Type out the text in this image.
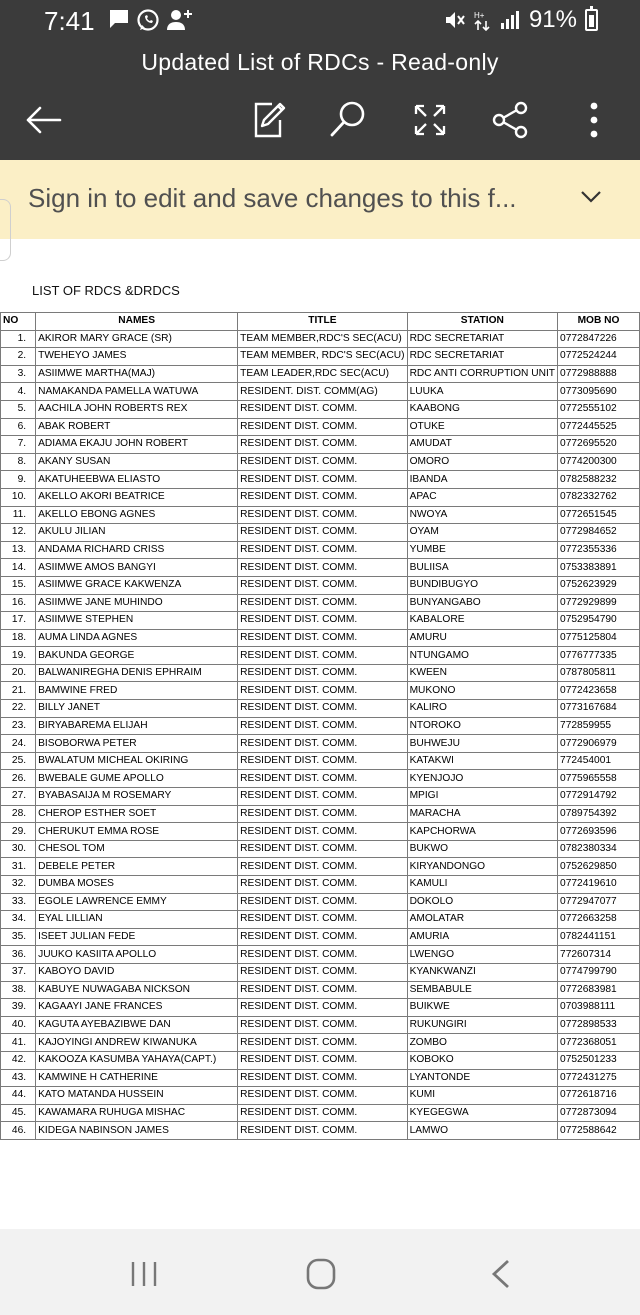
7:41	H+ 91%
Updated List of RDCs - Read-only
Sign in to edit and save changes to this f...
LIST OF RDCS &DRDCS
NO	NAMES	TITLE	STATION	MOB NO
1.	AKIROR MARY GRACE (SR)	TEAM MEMBER,RDC'S SEC(ACU)	RDC SECRETARIAT	0772847226
2.	TWEHEYO JAMES	TEAM MEMBER, RDC'S SEC(ACU)	RDC SECRETARIAT	0772524244
3.	ASIIMWE MARTHA(MAJ)	TEAM LEADER,RDC SEC(ACU)	RDC ANTI CORRUPTION UNIT	0772988888
4.	NAMAKANDA PAMELLA WATUWA	RESIDENT. DIST. COMM(AG)	LUUKA	0773095690
5.	AACHILA JOHN ROBERTS REX	RESIDENT DIST. COMM.	KAABONG	0772555102
6.	ABAK ROBERT	RESIDENT DIST. COMM.	OTUKE	0772445525
7.	ADIAMA EKAJU JOHN ROBERT	RESIDENT DIST. COMM.	AMUDAT	0772695520
8.	AKANY SUSAN	RESIDENT DIST. COMM.	OMORO	0774200300
9.	AKATUHEEBWA ELIASTO	RESIDENT DIST. COMM.	IBANDA	0782588232
10.	AKELLO AKORI BEATRICE	RESIDENT DIST. COMM.	APAC	0782332762
11.	AKELLO EBONG AGNES	RESIDENT DIST. COMM.	NWOYA	0772651545
12.	AKULU JILIAN	RESIDENT DIST. COMM.	OYAM	0772984652
13.	ANDAMA RICHARD CRISS	RESIDENT DIST. COMM.	YUMBE	0772355336
14.	ASIIMWE AMOS BANGYI	RESIDENT DIST. COMM.	BULIISA	0753383891
15.	ASIIMWE GRACE KAKWENZA	RESIDENT DIST. COMM.	BUNDIBUGYO	0752623929
16.	ASIIMWE JANE MUHINDO	RESIDENT DIST. COMM.	BUNYANGABO	0772929899
17.	ASIIMWE STEPHEN	RESIDENT DIST. COMM.	KABALORE	0752954790
18.	AUMA LINDA AGNES	RESIDENT DIST. COMM.	AMURU	0775125804
19.	BAKUNDA GEORGE	RESIDENT DIST. COMM.	NTUNGAMO	0776777335
20.	BALWANIREGHA DENIS EPHRAIM	RESIDENT DIST. COMM.	KWEEN	0787805811
21.	BAMWINE FRED	RESIDENT DIST. COMM.	MUKONO	0772423658
22.	BILLY JANET	RESIDENT DIST. COMM.	KALIRO	0773167684
23.	BIRYABAREMA ELIJAH	RESIDENT DIST. COMM.	NTOROKO	772859955
24.	BISOBORWA PETER	RESIDENT DIST. COMM.	BUHWEJU	0772906979
25.	BWALATUM MICHEAL OKIRING	RESIDENT DIST. COMM.	KATAKWI	772454001
26.	BWEBALE GUME APOLLO	RESIDENT DIST. COMM.	KYENJOJO	0775965558
27.	BYABASAIJA M ROSEMARY	RESIDENT DIST. COMM.	MPIGI	0772914792
28.	CHEROP ESTHER SOET	RESIDENT DIST. COMM.	MARACHA	0789754392
29.	CHERUKUT EMMA ROSE	RESIDENT DIST. COMM.	KAPCHORWA	0772693596
30.	CHESOL TOM	RESIDENT DIST. COMM.	BUKWO	0782380334
31.	DEBELE PETER	RESIDENT DIST. COMM.	KIRYANDONGO	0752629850
32.	DUMBA MOSES	RESIDENT DIST. COMM.	KAMULI	0772419610
33.	EGOLE LAWRENCE EMMY	RESIDENT DIST. COMM.	DOKOLO	0772947077
34.	EYAL LILLIAN	RESIDENT DIST. COMM.	AMOLATAR	0772663258
35.	ISEET JULIAN FEDE	RESIDENT DIST. COMM.	AMURIA	0782441151
36.	JUUKO KASIITA APOLLO	RESIDENT DIST. COMM.	LWENGO	772607314
37.	KABOYO DAVID	RESIDENT DIST. COMM.	KYANKWANZI	0774799790
38.	KABUYE NUWAGABA NICKSON	RESIDENT DIST. COMM.	SEMBABULE	0772683981
39.	KAGAAYI JANE FRANCES	RESIDENT DIST. COMM.	BUIKWE	0703988111
40.	KAGUTA AYEBAZIBWE DAN	RESIDENT DIST. COMM.	RUKUNGIRI	0772898533
41.	KAJOYINGI ANDREW KIWANUKA	RESIDENT DIST. COMM.	ZOMBO	0772368051
42.	KAKOOZA KASUMBA YAHAYA(CAPT.)	RESIDENT DIST. COMM.	KOBOKO	0752501233
43.	KAMWINE H CATHERINE	RESIDENT DIST. COMM.	LYANTONDE	0772431275
44.	KATO MATANDA HUSSEIN	RESIDENT DIST. COMM.	KUMI	0772618716
45.	KAWAMARA RUHUGA MISHAC	RESIDENT DIST. COMM.	KYEGEGWA	0772873094
46.	KIDEGA NABINSON JAMES	RESIDENT DIST. COMM.	LAMWO	0772588642
